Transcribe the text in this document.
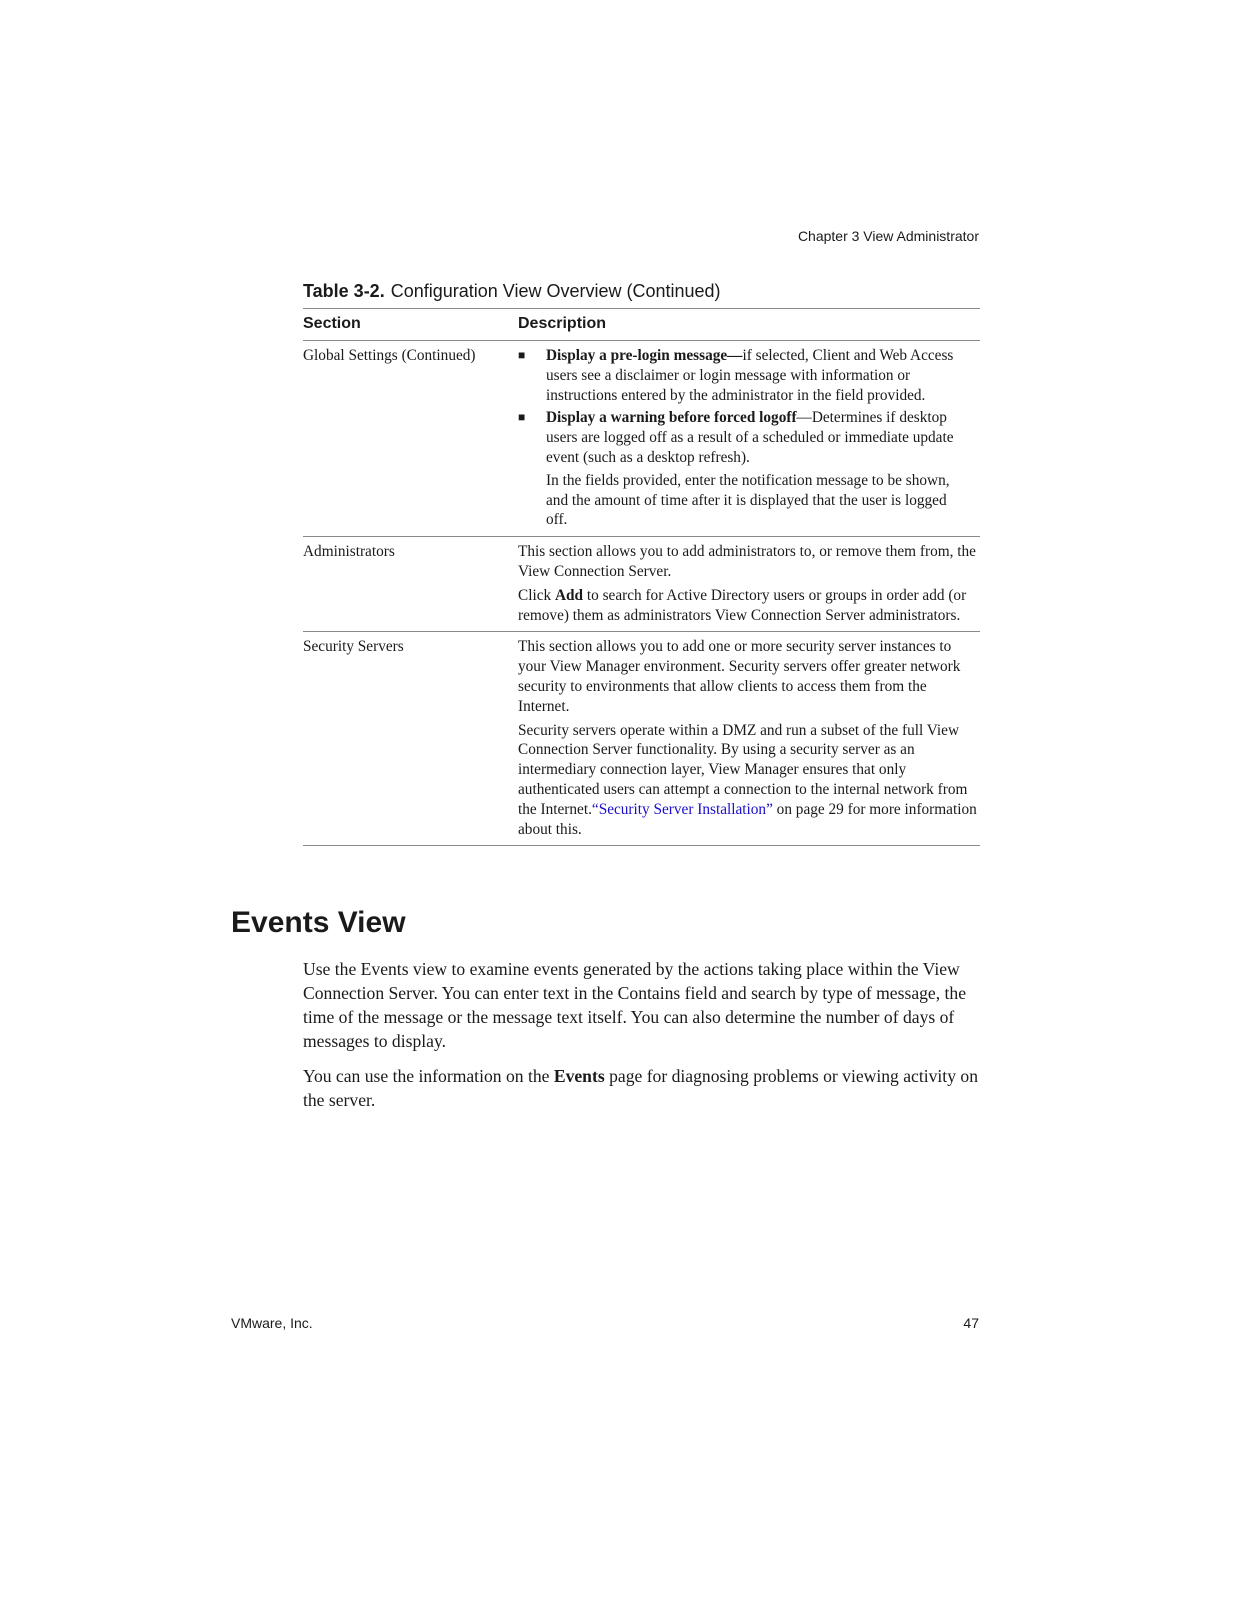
Chapter 3 View Administrator
Table 3-2. Configuration View Overview (Continued)
Section	Description
Global Settings (Continued)	■ Display a pre-login message—if selected, Client and Web Access users see a disclaimer or login message with information or instructions entered by the administrator in the field provided.
■ Display a warning before forced logoff—Determines if desktop users are logged off as a result of a scheduled or immediate update event (such as a desktop refresh).
In the fields provided, enter the notification message to be shown, and the amount of time after it is displayed that the user is logged off.

Administrators	This section allows you to add administrators to, or remove them from, the View Connection Server.

Click Add to search for Active Directory users or groups in order add (or remove) them as administrators View Connection Server administrators.

Security Servers	This section allows you to add one or more security server instances to your View Manager environment. Security servers offer greater network security to environments that allow clients to access them from the Internet.

Security servers operate within a DMZ and run a subset of the full View Connection Server functionality. By using a security server as an intermediary connection layer, View Manager ensures that only authenticated users can attempt a connection to the internal network from the Internet.“Security Server Installation” on page 29 for more information about this.

Events View

Use the Events view to examine events generated by the actions taking place within the View Connection Server. You can enter text in the Contains field and search by type of message, the time of the message or the message text itself. You can also determine the number of days of messages to display.

You can use the information on the Events page for diagnosing problems or viewing activity on the server.

VMware, Inc.	47
